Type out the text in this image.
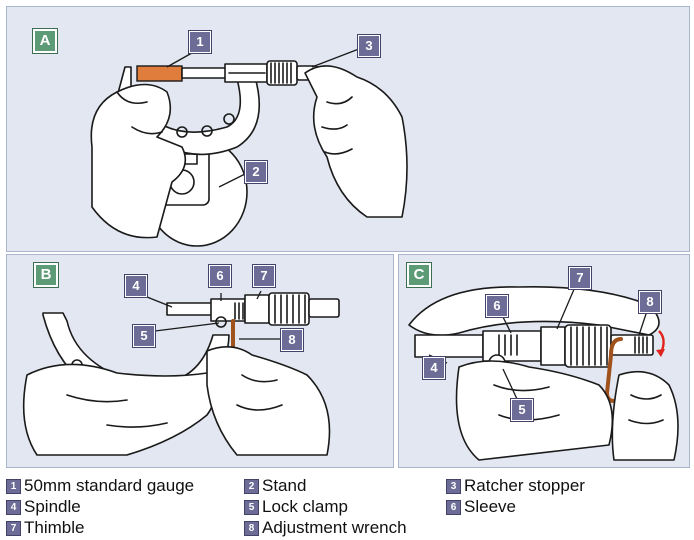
A	1	3
2
B
4
6	7
5	8
C
6
7
8
4
5
1 50mm standard gauge	2 Stand	3 Ratcher stopper
4 Spindle	5 Lock clamp	6 Sleeve
7 Thimble	8 Adjustment wrench
